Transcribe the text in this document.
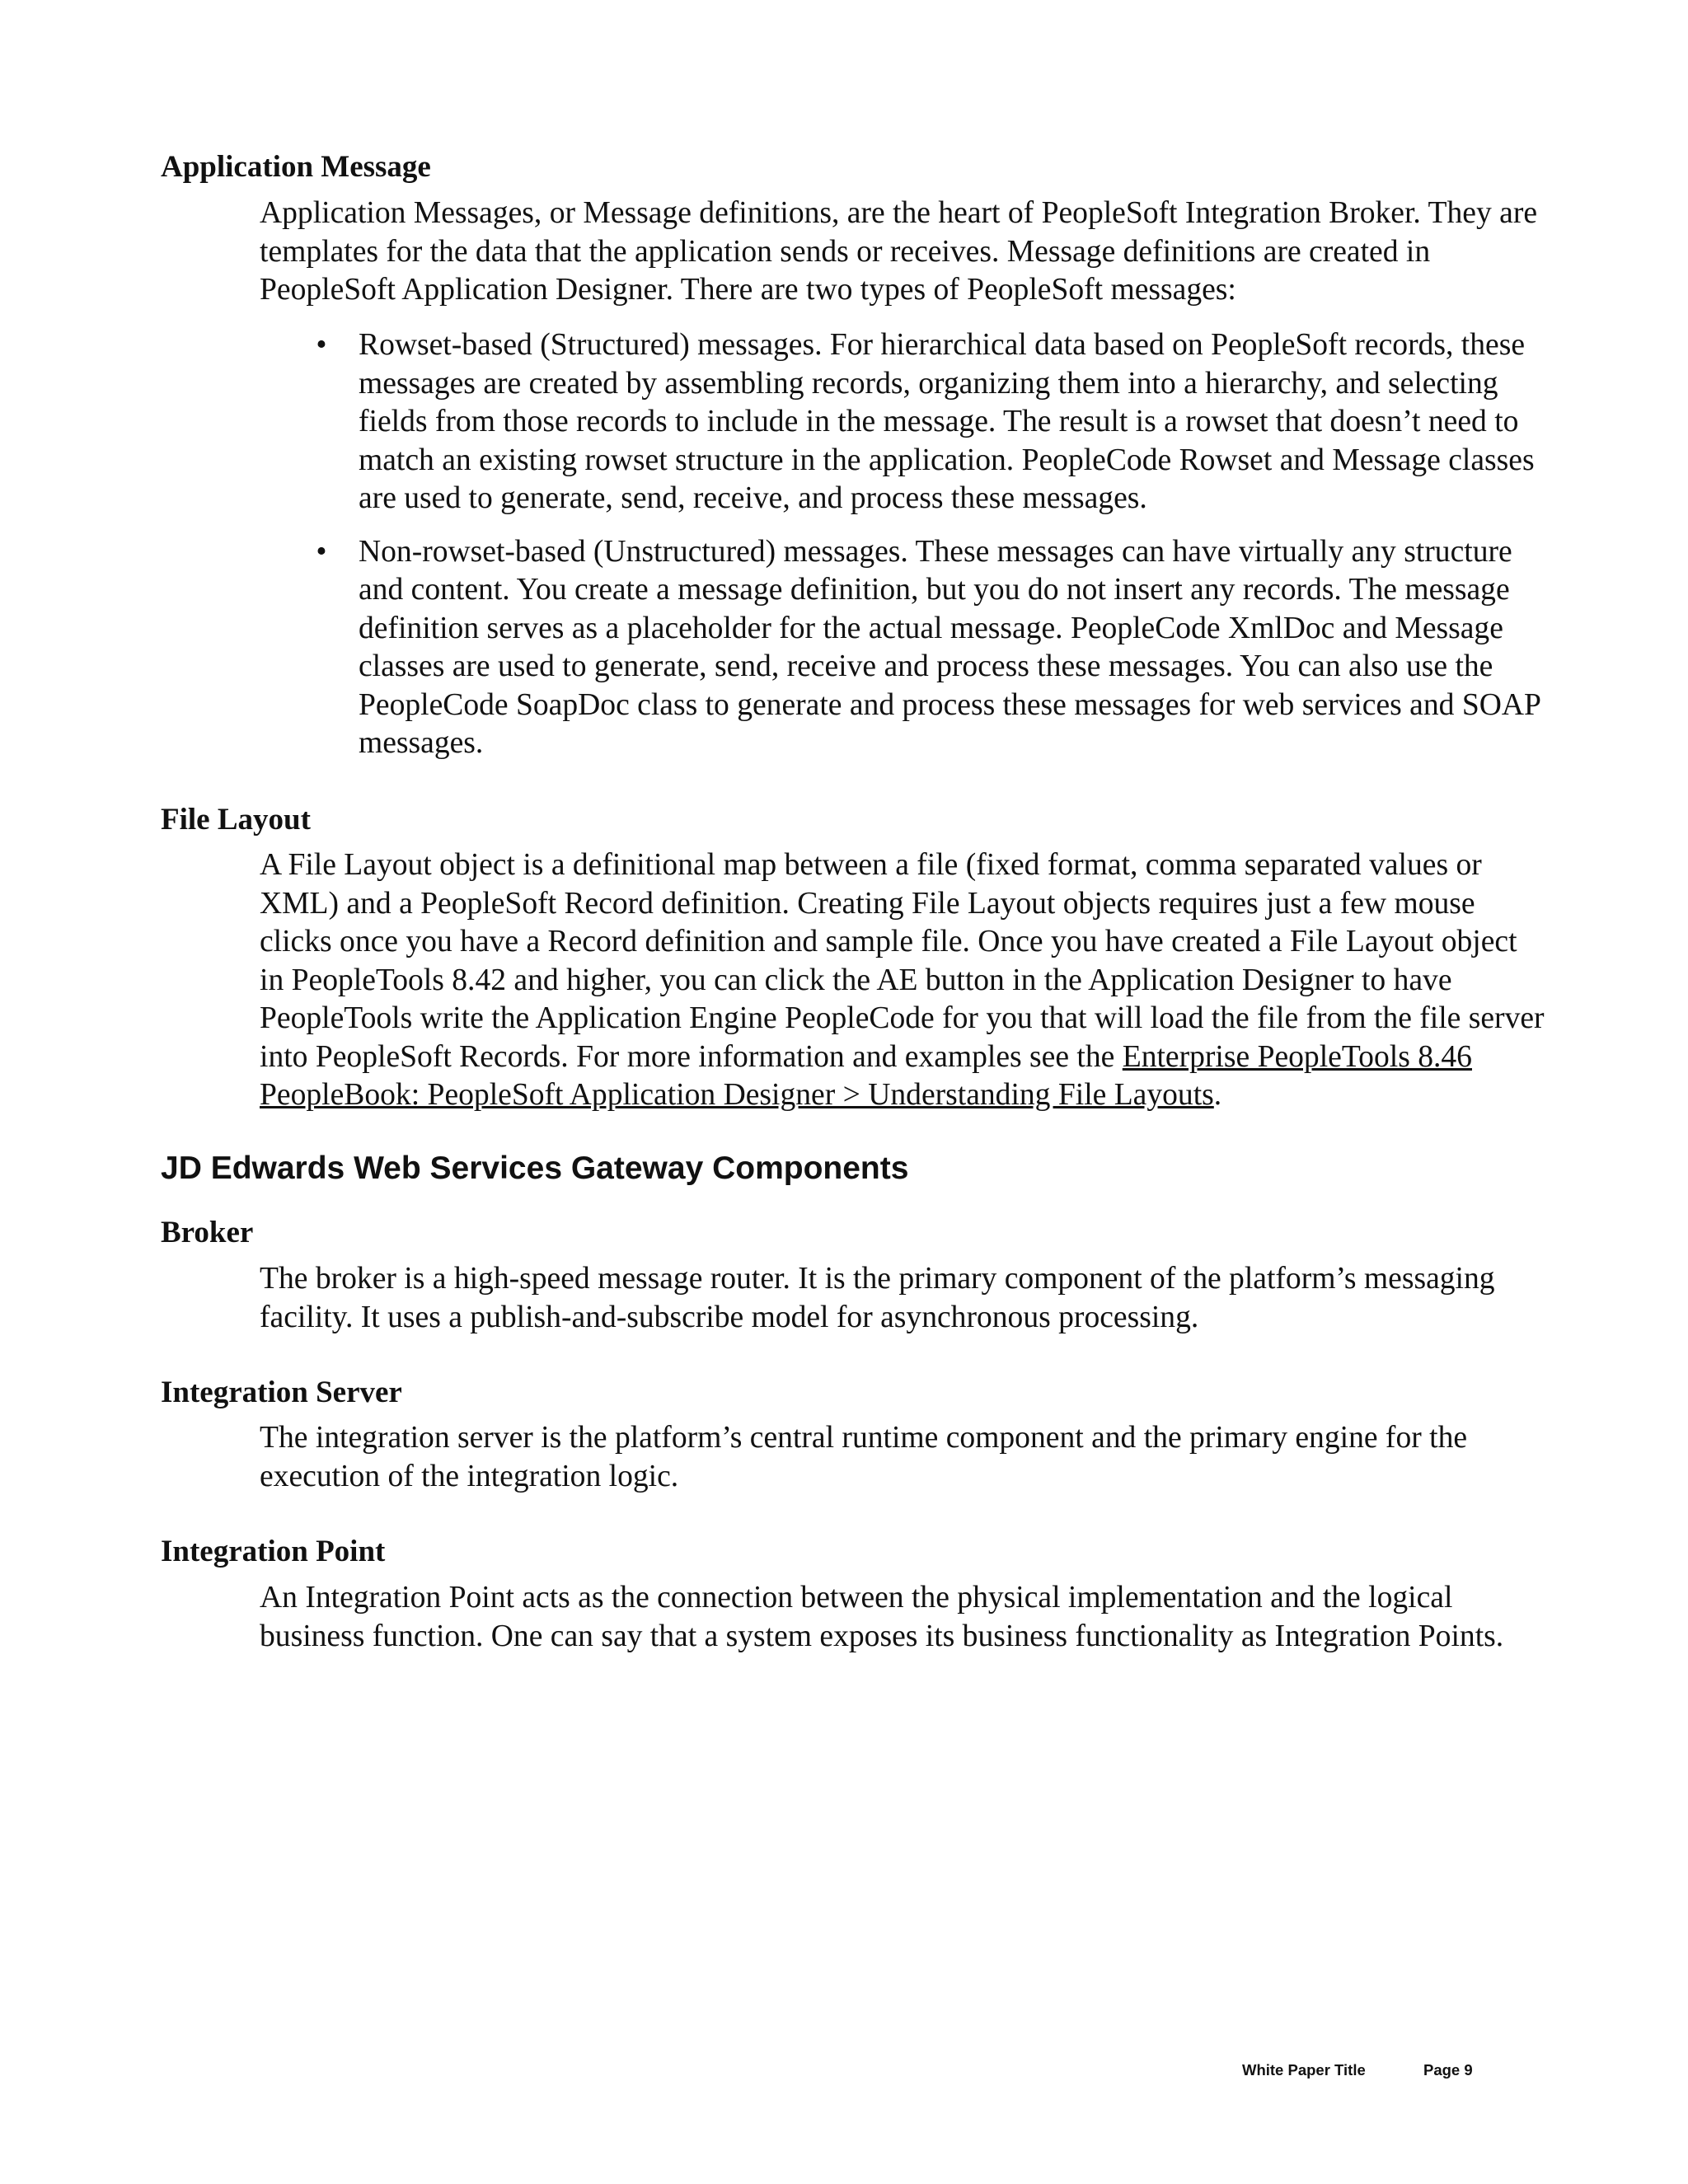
Application Message

Application Messages, or Message definitions, are the heart of PeopleSoft Integration Broker. They are templates for the data that the application sends or receives. Message definitions are created in PeopleSoft Application Designer. There are two types of PeopleSoft messages:

• Rowset-based (Structured) messages. For hierarchical data based on PeopleSoft records, these messages are created by assembling records, organizing them into a hierarchy, and selecting fields from those records to include in the message. The result is a rowset that doesn’t need to match an existing rowset structure in the application. PeopleCode Rowset and Message classes are used to generate, send, receive, and process these messages.
• Non-rowset-based (Unstructured) messages. These messages can have virtually any structure and content. You create a message definition, but you do not insert any records. The message definition serves as a placeholder for the actual message. PeopleCode XmlDoc and Message classes are used to generate, send, receive and process these messages. You can also use the PeopleCode SoapDoc class to generate and process these messages for web services and SOAP messages.
File Layout

A File Layout object is a definitional map between a file (fixed format, comma separated values or XML) and a PeopleSoft Record definition. Creating File Layout objects requires just a few mouse clicks once you have a Record definition and sample file. Once you have created a File Layout object in PeopleTools 8.42 and higher, you can click the AE button in the Application Designer to have PeopleTools write the Application Engine PeopleCode for you that will load the file from the file server into PeopleSoft Records. For more information and examples see the Enterprise PeopleTools 8.46 PeopleBook: PeopleSoft Application Designer > Understanding File Layouts.

JD Edwards Web Services Gateway Components
Broker

The broker is a high-speed message router. It is the primary component of the platform’s messaging facility. It uses a publish-and-subscribe model for asynchronous processing.

Integration Server

The integration server is the platform’s central runtime component and the primary engine for the execution of the integration logic.

Integration Point

An Integration Point acts as the connection between the physical implementation and the logical business function. One can say that a system exposes its business functionality as Integration Points.

White Paper Title	Page 9
